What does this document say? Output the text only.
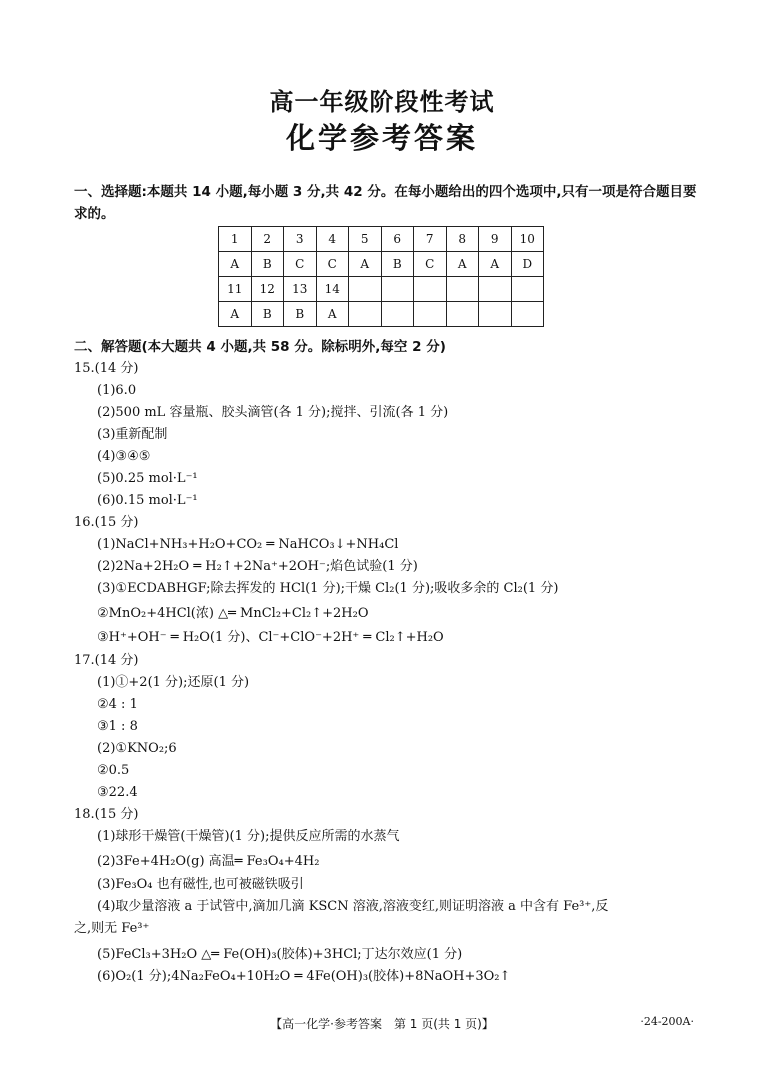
高一年级阶段性考试
化学参考答案
一、选择题:本题共 14 小题,每小题 3 分,共 42 分。在每小题给出的四个选项中,只有一项是符合题目要求的。
1	2	3	4	5	6	7	8	9	10
A	B	C	C	A	B	C	A	A	D
11	12	13	14						
A	B	B	A						
二、解答题(本大题共 4 小题,共 58 分。除标明外,每空 2 分)
15.(14 分)
(1)6.0
(2)500 mL 容量瓶、胶头滴管(各 1 分);搅拌、引流(各 1 分)
(3)重新配制
(4)③④⑤
(5)0.25 mol·L⁻¹
(6)0.15 mol·L⁻¹
16.(15 分)
(1)NaCl+NH₃+H₂O+CO₂ ═ NaHCO₃↓+NH₄Cl
(2)2Na+2H₂O ═ H₂↑+2Na⁺+2OH⁻;焰色试验(1 分)
(3)①ECDABHGF;除去挥发的 HCl(1 分);干燥 Cl₂(1 分);吸收多余的 Cl₂(1 分)
②MnO₂+4HCl(浓) △═ MnCl₂+Cl₂↑+2H₂O
③H⁺+OH⁻ ═ H₂O(1 分)、Cl⁻+ClO⁻+2H⁺ ═ Cl₂↑+H₂O
17.(14 分)
(1)①+2(1 分);还原(1 分)
②4 : 1
③1 : 8
(2)①KNO₂;6
②0.5
③22.4
18.(15 分)
(1)球形干燥管(干燥管)(1 分);提供反应所需的水蒸气
(2)3Fe+4H₂O(g) 高温═ Fe₃O₄+4H₂
(3)Fe₃O₄ 也有磁性,也可被磁铁吸引
(4)取少量溶液 a 于试管中,滴加几滴 KSCN 溶液,溶液变红,则证明溶液 a 中含有 Fe³⁺,反
之,则无 Fe³⁺
(5)FeCl₃+3H₂O △═ Fe(OH)₃(胶体)+3HCl;丁达尔效应(1 分)
(6)O₂(1 分);4Na₂FeO₄+10H₂O ═ 4Fe(OH)₃(胶体)+8NaOH+3O₂↑
【高一化学·参考答案　第 1 页(共 1 页)】	·24-200A·
